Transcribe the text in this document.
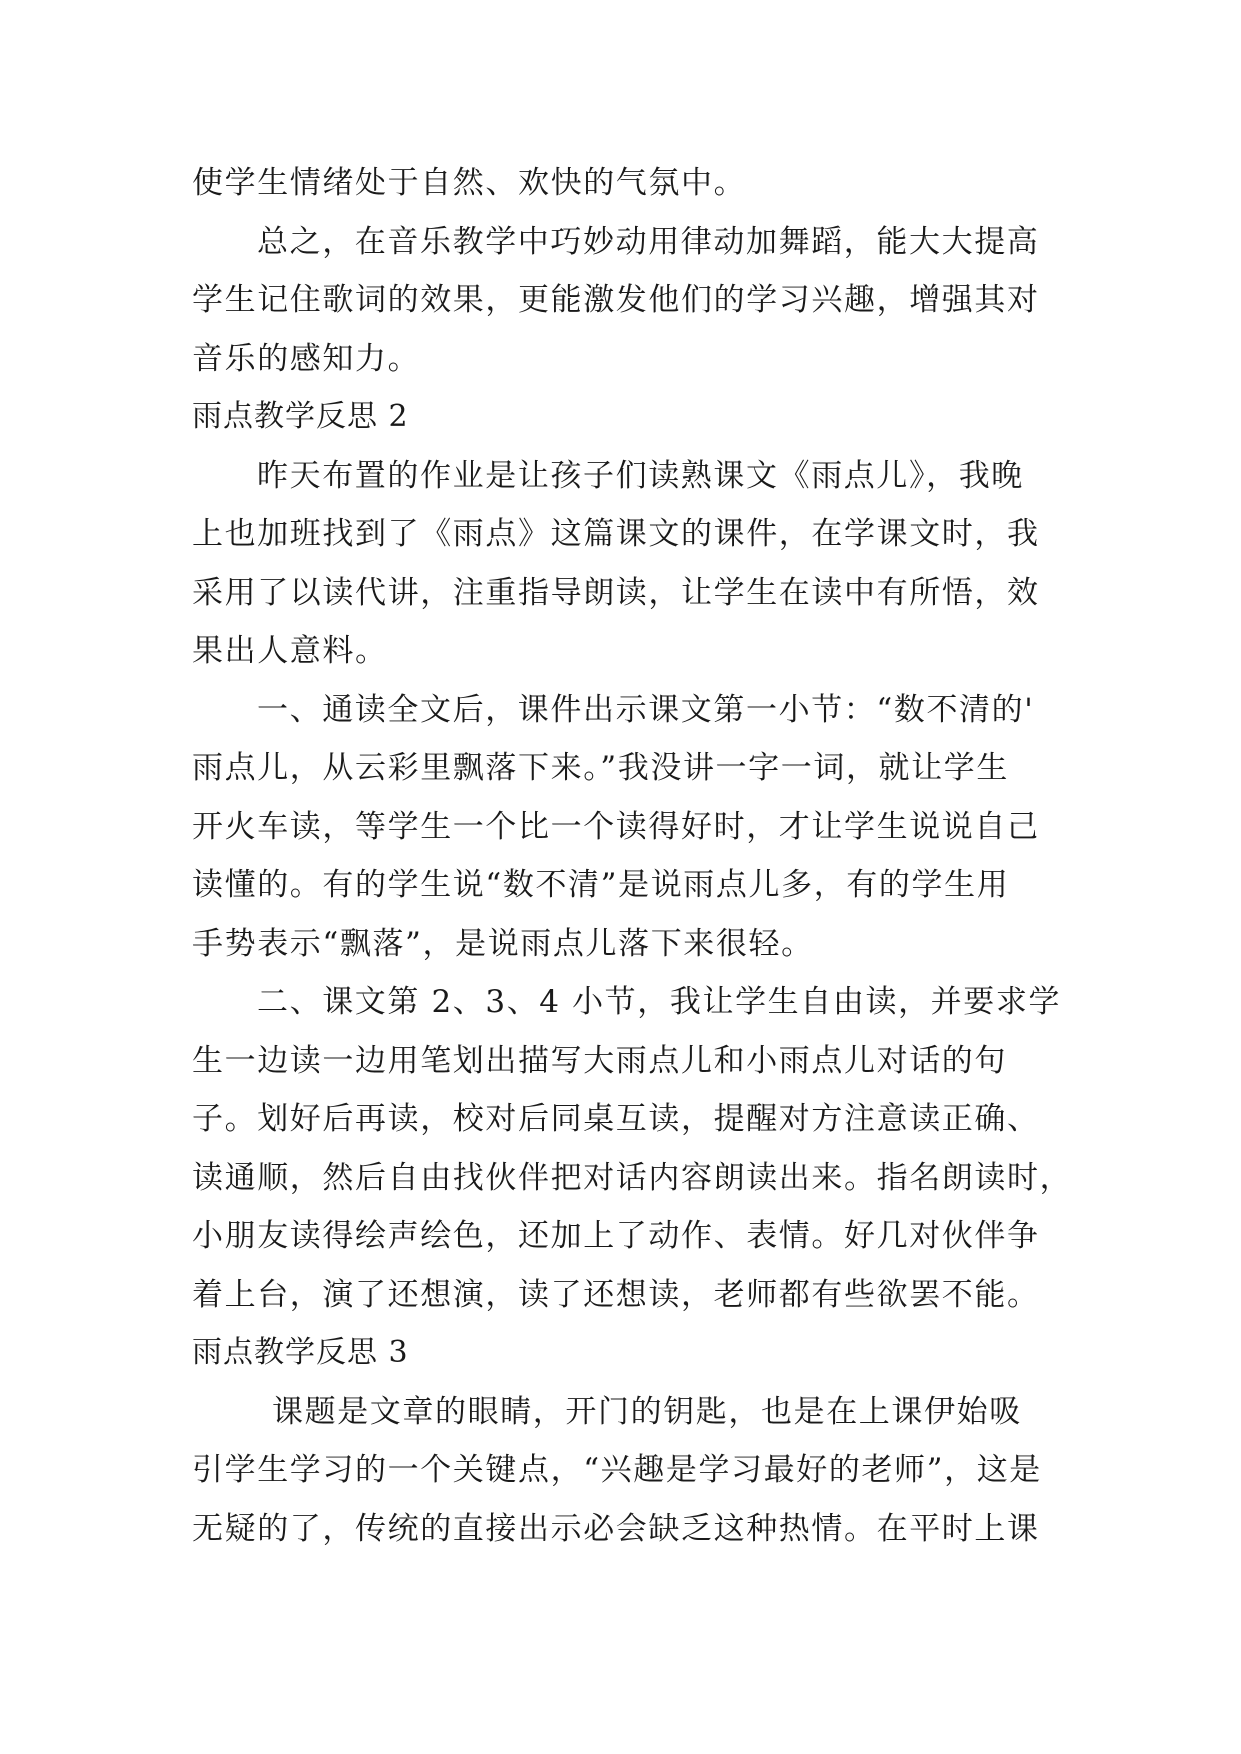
使学生情绪处于自然、欢快的气氛中。
总之，在音乐教学中巧妙动用律动加舞蹈，能大大提高
学生记住歌词的效果，更能激发他们的学习兴趣，增强其对
音乐的感知力。
雨点教学反思 2
昨天布置的作业是让孩子们读熟课文《雨点儿》，我晚
上也加班找到了《雨点》这篇课文的课件，在学课文时，我
采用了以读代讲，注重指导朗读，让学生在读中有所悟，效
果出人意料。
一、通读全文后，课件出示课文第一小节：“数不清的'
雨点儿，从云彩里飘落下来。”我没讲一字一词，就让学生
开火车读，等学生一个比一个读得好时，才让学生说说自己
读懂的。有的学生说“数不清”是说雨点儿多，有的学生用
手势表示“飘落”，是说雨点儿落下来很轻。
二、课文第 2、3、4 小节，我让学生自由读，并要求学
生一边读一边用笔划出描写大雨点儿和小雨点儿对话的句
子。划好后再读，校对后同桌互读，提醒对方注意读正确、
读通顺，然后自由找伙伴把对话内容朗读出来。指名朗读时，
小朋友读得绘声绘色，还加上了动作、表情。好几对伙伴争
着上台，演了还想演，读了还想读，老师都有些欲罢不能。
雨点教学反思 3
课题是文章的眼睛，开门的钥匙，也是在上课伊始吸
引学生学习的一个关键点，“兴趣是学习最好的老师”，这是
无疑的了，传统的直接出示必会缺乏这种热情。在平时上课
